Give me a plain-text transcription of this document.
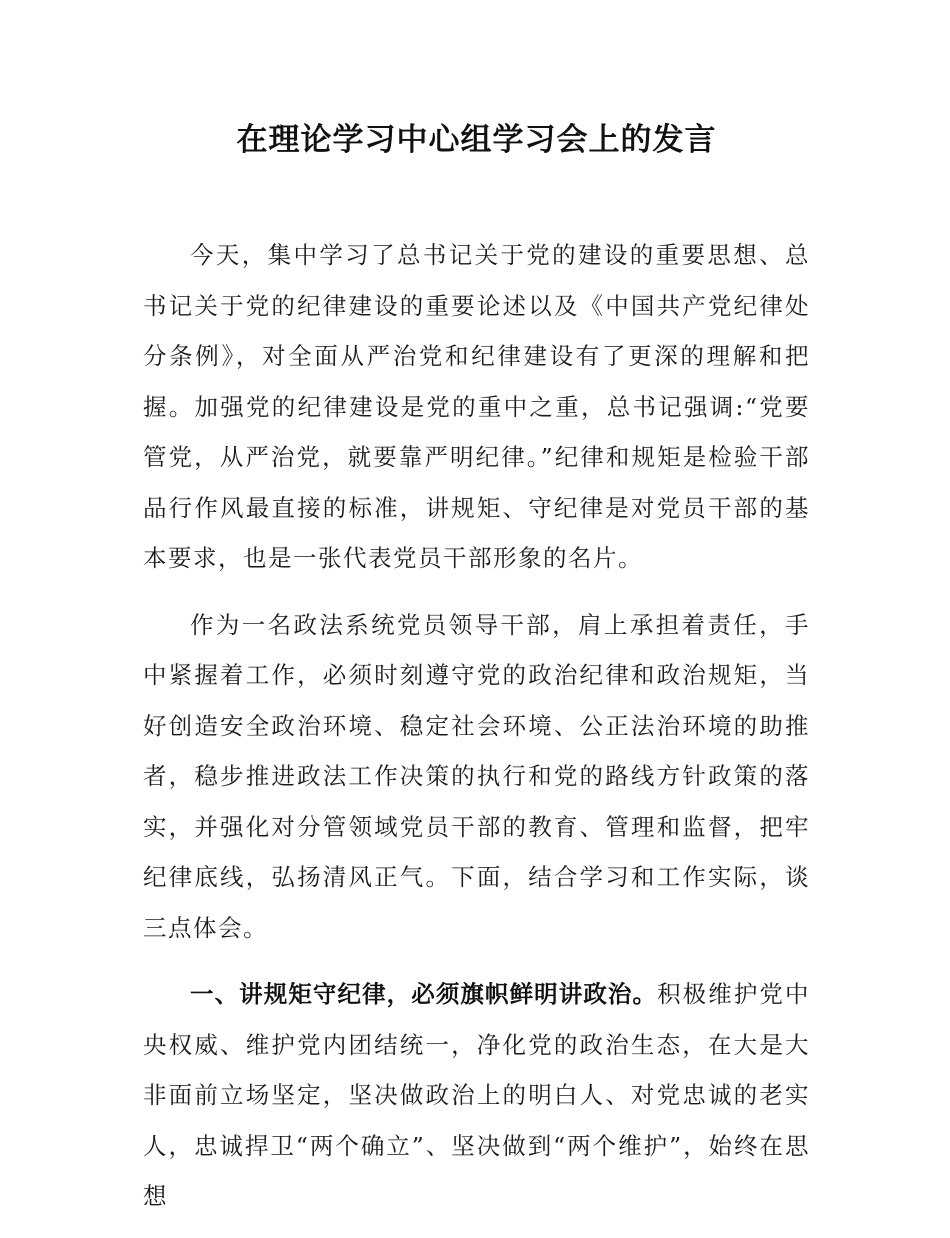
在理论学习中心组学习会上的发言

今天，集中学习了总书记关于党的建设的重要思想、总书记关于党的纪律建设的重要论述以及《中国共产党纪律处分条例》，对全面从严治党和纪律建设有了更深的理解和把握。加强党的纪律建设是党的重中之重，总书记强调:“党要管党，从严治党，就要靠严明纪律。”纪律和规矩是检验干部品行作风最直接的标准，讲规矩、守纪律是对党员干部的基本要求，也是一张代表党员干部形象的名片。

作为一名政法系统党员领导干部，肩上承担着责任，手中紧握着工作，必须时刻遵守党的政治纪律和政治规矩，当好创造安全政治环境、稳定社会环境、公正法治环境的助推者，稳步推进政法工作决策的执行和党的路线方针政策的落实，并强化对分管领域党员干部的教育、管理和监督，把牢纪律底线，弘扬清风正气。下面，结合学习和工作实际，谈三点体会。

一、讲规矩守纪律，必须旗帜鲜明讲政治。积极维护党中央权威、维护党内团结统一，净化党的政治生态，在大是大非面前立场坚定，坚决做政治上的明白人、对党忠诚的老实人，忠诚捍卫“两个确立”、坚决做到“两个维护”，始终在思想
